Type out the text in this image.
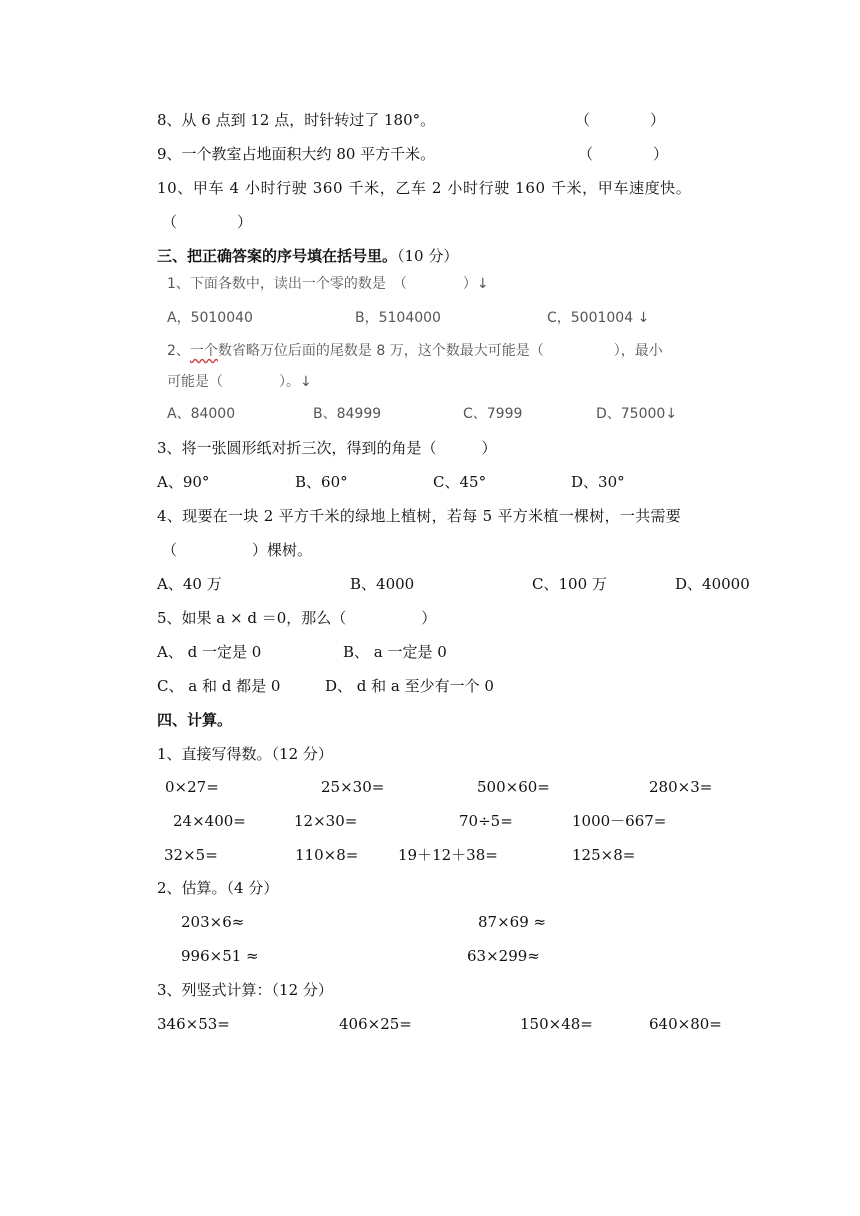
8、从 6 点到 12 点，时针转过了 180°。	（　　　　）
9、一个教室占地面积大约 80 平方千米。	（　　　　）
10、甲车 4 小时行驶 360 千米，乙车 2 小时行驶 160 千米，甲车速度快。
（　　　　）
三、把正确答案的序号填在括号里。（10 分）
1、下面各数中，读出一个零的数是　（　　　　）↓
A，5010040	B，5104000	C，5001004 ↓
2、一个数省略万位后面的尾数是 8 万，这个数最大可能是（　　　　　），最小
可能是（　　　　）。↓
A、84000	B、84999	C、7999	D、75000↓
3、将一张圆形纸对折三次，得到的角是（　　　）
A、90°	B、60°	C、45°	D、30°
4、现要在一块 2 平方千米的绿地上植树，若每 5 平方米植一棵树，一共需要
（　　　　　）棵树。
A、40 万	B、4000	C、100 万	D、40000
5、如果 a × d ＝0，那么（　　　　　）
A、 d 一定是 0	B、 a 一定是 0
C、 a 和 d 都是 0	D、 d 和 a 至少有一个 0
四、计算。
1、直接写得数。（12 分）
0×27=	25×30=	500×60=	280×3=
24×400=	12×30=	70÷5=	1000－667=
32×5=	110×8=	19＋12＋38=	125×8=
2、估算。（4 分）
203×6≈	87×69 ≈
996×51 ≈	63×299≈
3、列竖式计算：（12 分）
346×53=	406×25=	150×48=	640×80=
